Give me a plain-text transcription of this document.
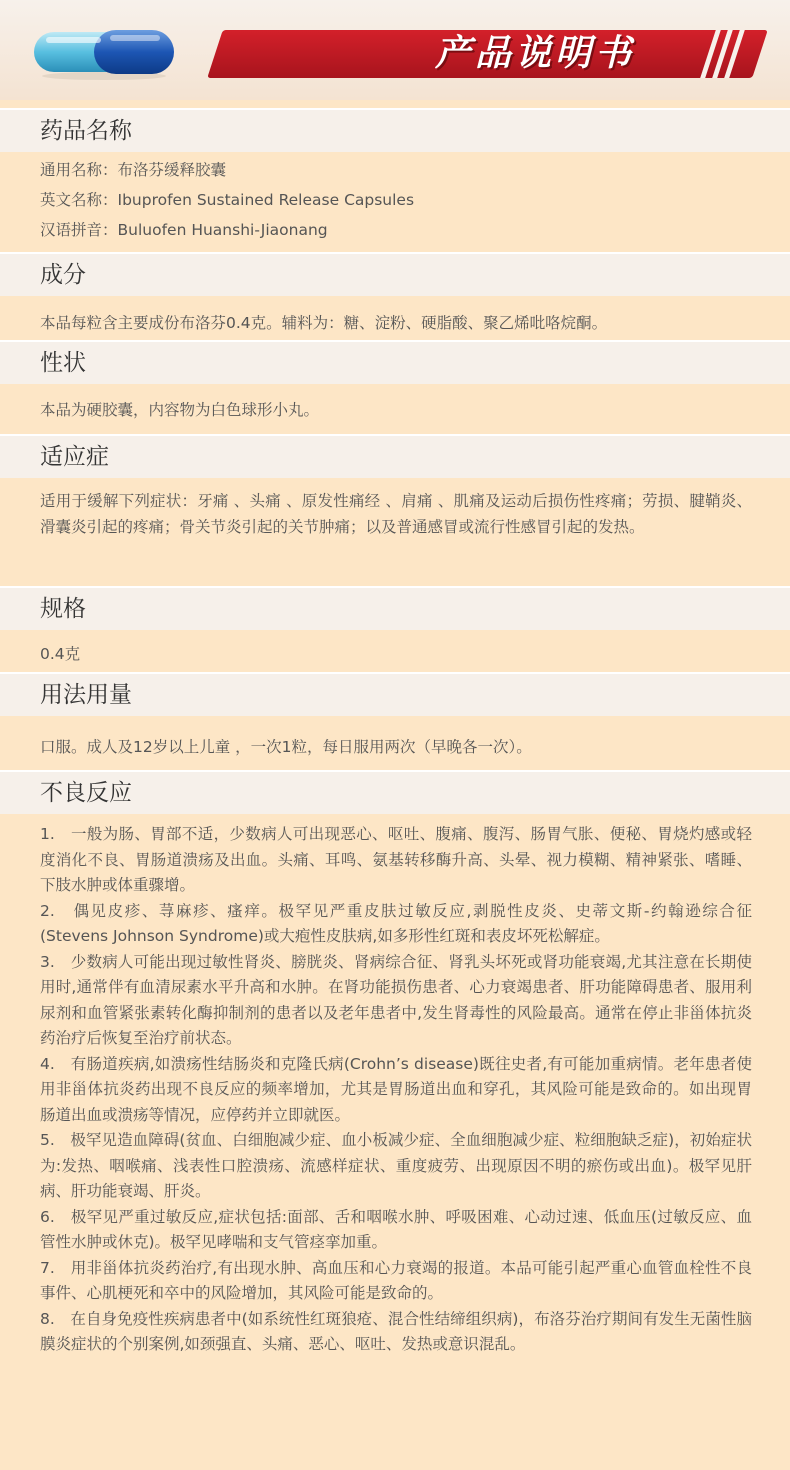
产品说明书
药品名称
通用名称：布洛芬缓释胶囊
英文名称：Ibuprofen Sustained Release Capsules
汉语拼音：Buluofen Huanshi-Jiaonang
成分
本品每粒含主要成份布洛芬0.4克。辅料为：糖、淀粉、硬脂酸、聚乙烯吡咯烷酮。
性状
本品为硬胶囊，内容物为白色球形小丸。
适应症
适用于缓解下列症状：牙痛 、头痛 、原发性痛经 、肩痛 、肌痛及运动后损伤性疼痛；劳损、腱鞘炎、滑囊炎引起的疼痛；骨关节炎引起的关节肿痛；以及普通感冒或流行性感冒引起的发热。
规格
0.4克
用法用量
口服。成人及12岁以上儿童 ，一次1粒，每日服用两次（早晚各一次）。
不良反应
1.　一般为肠、胃部不适，少数病人可出现恶心、呕吐、腹痛、腹泻、肠胃气胀、便秘、胃烧灼感或轻度消化不良、胃肠道溃疡及出血。头痛、耳鸣、氨基转移酶升高、头晕、视力模糊、精神紧张、嗜睡、下肢水肿或体重骤增。
2.　偶见皮疹、荨麻疹、瘙痒。极罕见严重皮肤过敏反应,剥脱性皮炎、史蒂文斯-约翰逊综合征(Stevens Johnson Syndrome)或大疱性皮肤病,如多形性红斑和表皮坏死松解症。
3.　少数病人可能出现过敏性肾炎、膀胱炎、肾病综合征、肾乳头坏死或肾功能衰竭,尤其注意在长期使用时,通常伴有血清尿素水平升高和水肿。在肾功能损伤患者、心力衰竭患者、肝功能障碍患者、服用利尿剂和血管紧张素转化酶抑制剂的患者以及老年患者中,发生肾毒性的风险最高。通常在停止非甾体抗炎药治疗后恢复至治疗前状态。
4.　有肠道疾病,如溃疡性结肠炎和克隆氏病(Crohn’s disease)既往史者,有可能加重病情。老年患者使用非甾体抗炎药出现不良反应的频率增加，尤其是胃肠道出血和穿孔，其风险可能是致命的。如出现胃肠道出血或溃疡等情况，应停药并立即就医。
5.　极罕见造血障碍(贫血、白细胞减少症、血小板减少症、全血细胞减少症、粒细胞缺乏症)，初始症状为:发热、咽喉痛、浅表性口腔溃疡、流感样症状、重度疲劳、出现原因不明的瘀伤或出血)。极罕见肝病、肝功能衰竭、肝炎。
6.　极罕见严重过敏反应,症状包括:面部、舌和咽喉水肿、呼吸困难、心动过速、低血压(过敏反应、血管性水肿或休克)。极罕见哮喘和支气管痉挛加重。
7.　用非甾体抗炎药治疗,有出现水肿、高血压和心力衰竭的报道。本品可能引起严重心血管血栓性不良事件、心肌梗死和卒中的风险增加，其风险可能是致命的。
8.　在自身免疫性疾病患者中(如系统性红斑狼疮、混合性结缔组织病)，布洛芬治疗期间有发生无菌性脑膜炎症状的个别案例,如颈强直、头痛、恶心、呕吐、发热或意识混乱。
